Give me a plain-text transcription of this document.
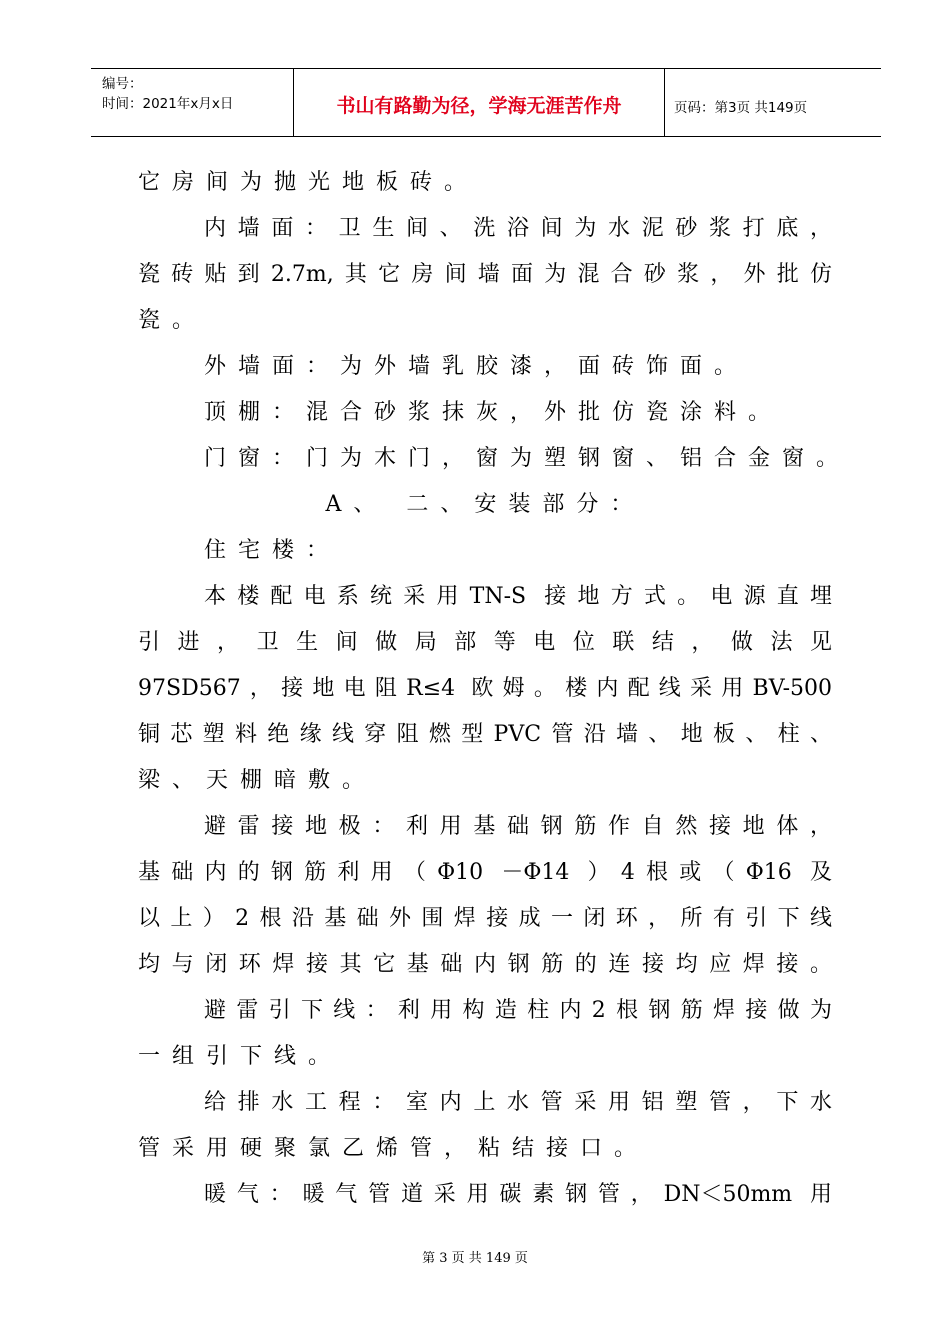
编号：
时间：2021年x月x日	书山有路勤为径，学海无涯苦作舟	页码：第3页 共149页
它房间为抛光地板砖。
内墙面：卫生间、洗浴间为水泥砂浆打底，
瓷砖贴到2.7m,其它房间墙面为混合砂浆，外批仿
瓷。
外墙面：为外墙乳胶漆，面砖饰面。
顶棚：混合砂浆抹灰，外批仿瓷涂料。
门窗：门为木门，窗为塑钢窗、铝合金窗。
A、 二、安装部分：
住宅楼：
本楼配电系统采用TN-S 接地方式。电源直埋
引进，卫生间做局部等电位联结，做法见
97SD567，接地电阻R≤4 欧姆。楼内配线采用BV-500
铜芯塑料绝缘线穿阻燃型PVC管沿墙、地板、柱、
梁、天棚暗敷。
避雷接地极：利用基础钢筋作自然接地体，
基础内的钢筋利用（Φ10 －Φ14 ）4根或（Φ16 及
以上）2根沿基础外围焊接成一闭环，所有引下线
均与闭环焊接其它基础内钢筋的连接均应焊接。
避雷引下线：利用构造柱内2根钢筋焊接做为
一组引下线。
给排水工程：室内上水管采用铝塑管，下水
管采用硬聚氯乙烯管，粘结接口。
暖气：暖气管道采用碳素钢管，DN＜50mm 用
第 3 页 共 149 页
